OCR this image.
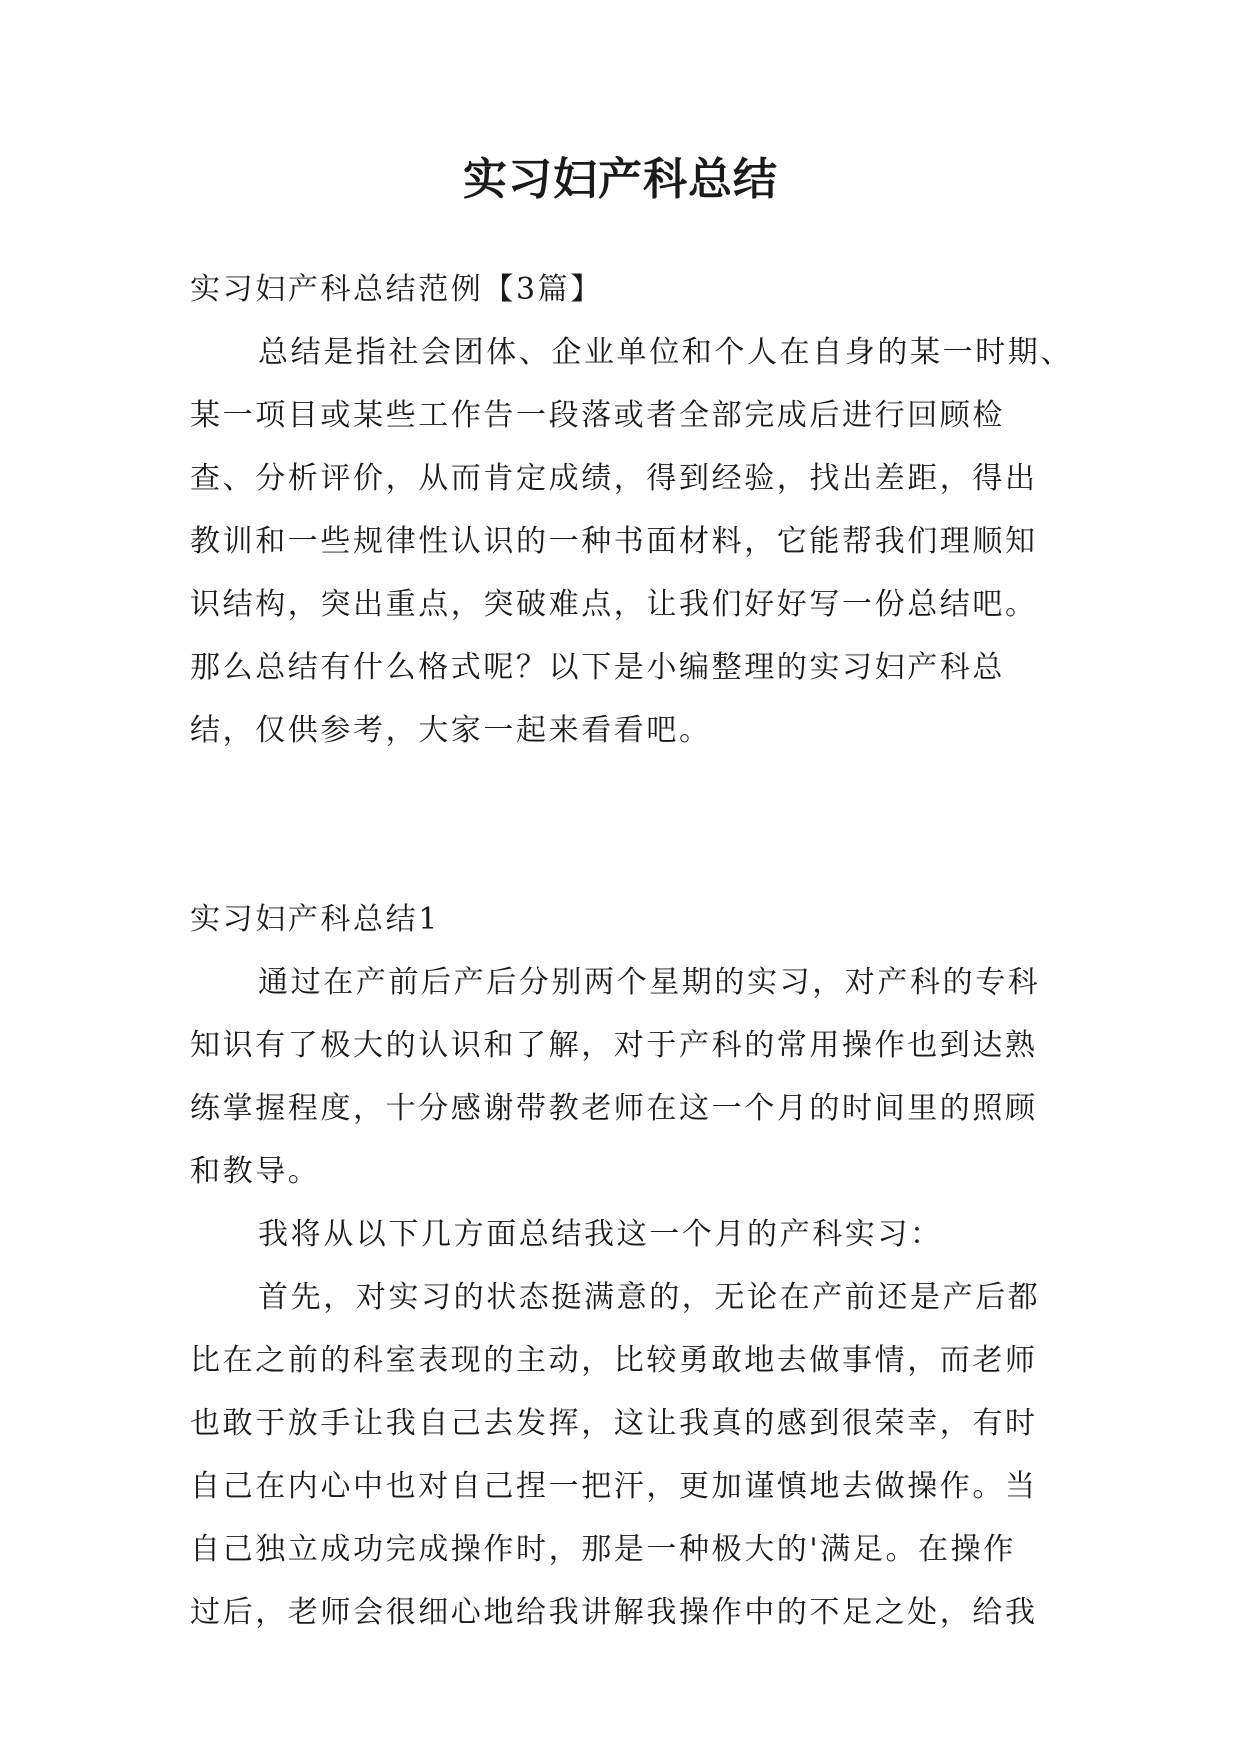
实习妇产科总结
实习妇产科总结范例【3篇】
总结是指社会团体、企业单位和个人在自身的某一时期、
某一项目或某些工作告一段落或者全部完成后进行回顾检
查、分析评价，从而肯定成绩，得到经验，找出差距，得出
教训和一些规律性认识的一种书面材料，它能帮我们理顺知
识结构，突出重点，突破难点，让我们好好写一份总结吧。
那么总结有什么格式呢？以下是小编整理的实习妇产科总
结，仅供参考，大家一起来看看吧。
实习妇产科总结1
通过在产前后产后分别两个星期的实习，对产科的专科
知识有了极大的认识和了解，对于产科的常用操作也到达熟
练掌握程度，十分感谢带教老师在这一个月的时间里的照顾
和教导。
我将从以下几方面总结我这一个月的产科实习：
首先，对实习的状态挺满意的，无论在产前还是产后都
比在之前的科室表现的主动，比较勇敢地去做事情，而老师
也敢于放手让我自己去发挥，这让我真的感到很荣幸，有时
自己在内心中也对自己捏一把汗，更加谨慎地去做操作。当
自己独立成功完成操作时，那是一种极大的'满足。在操作
过后，老师会很细心地给我讲解我操作中的不足之处，给我
